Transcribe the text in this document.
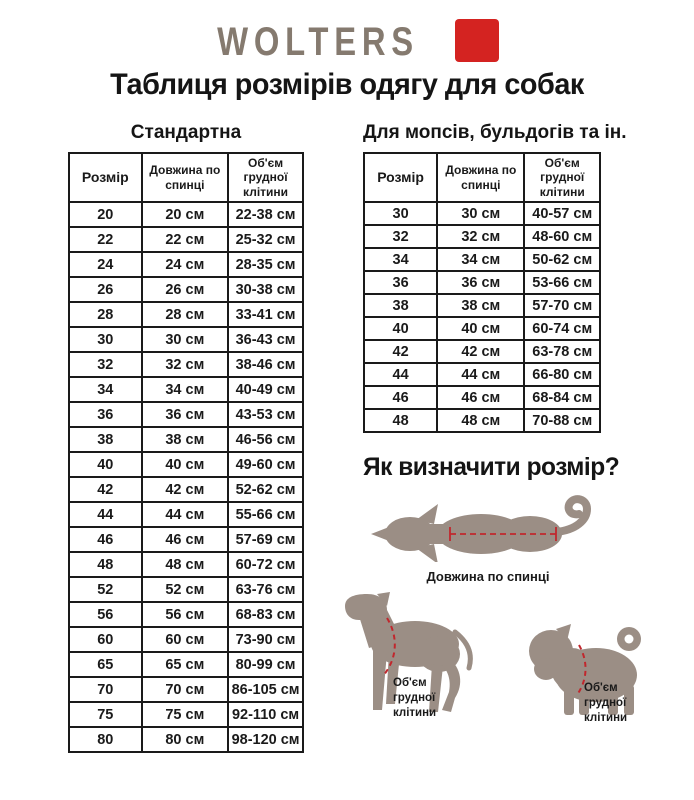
WOLTERS
Таблиця розмірів одягу для собак
Стандартна
Розмір	Довжина по спинці	Об'єм грудної клітини
20	20 см	22-38 см
22	22 см	25-32 см
24	24 см	28-35 см
26	26 см	30-38 см
28	28 см	33-41 см
30	30 см	36-43 см
32	32 см	38-46 см
34	34 см	40-49 см
36	36 см	43-53 см
38	38 см	46-56 см
40	40 см	49-60 см
42	42 см	52-62 см
44	44 см	55-66 см
46	46 см	57-69 см
48	48 см	60-72 см
52	52 см	63-76 см
56	56 см	68-83 см
60	60 см	73-90 см
65	65 см	80-99 см
70	70 см	86-105 см
75	75 см	92-110 см
80	80 см	98-120 см
Для мопсів, бульдогів та ін.
Розмір	Довжина по спинці	Об'єм грудної клітини
30	30 см	40-57 см
32	32 см	48-60 см
34	34 см	50-62 см
36	36 см	53-66 см
38	38 см	57-70 см
40	40 см	60-74 см
42	42 см	63-78 см
44	44 см	66-80 см
46	46 см	68-84 см
48	48 см	70-88 см
Як визначити розмір?
Довжина по спинці
Об'єм
грудної
клітини
Об'єм
грудної
клітини
